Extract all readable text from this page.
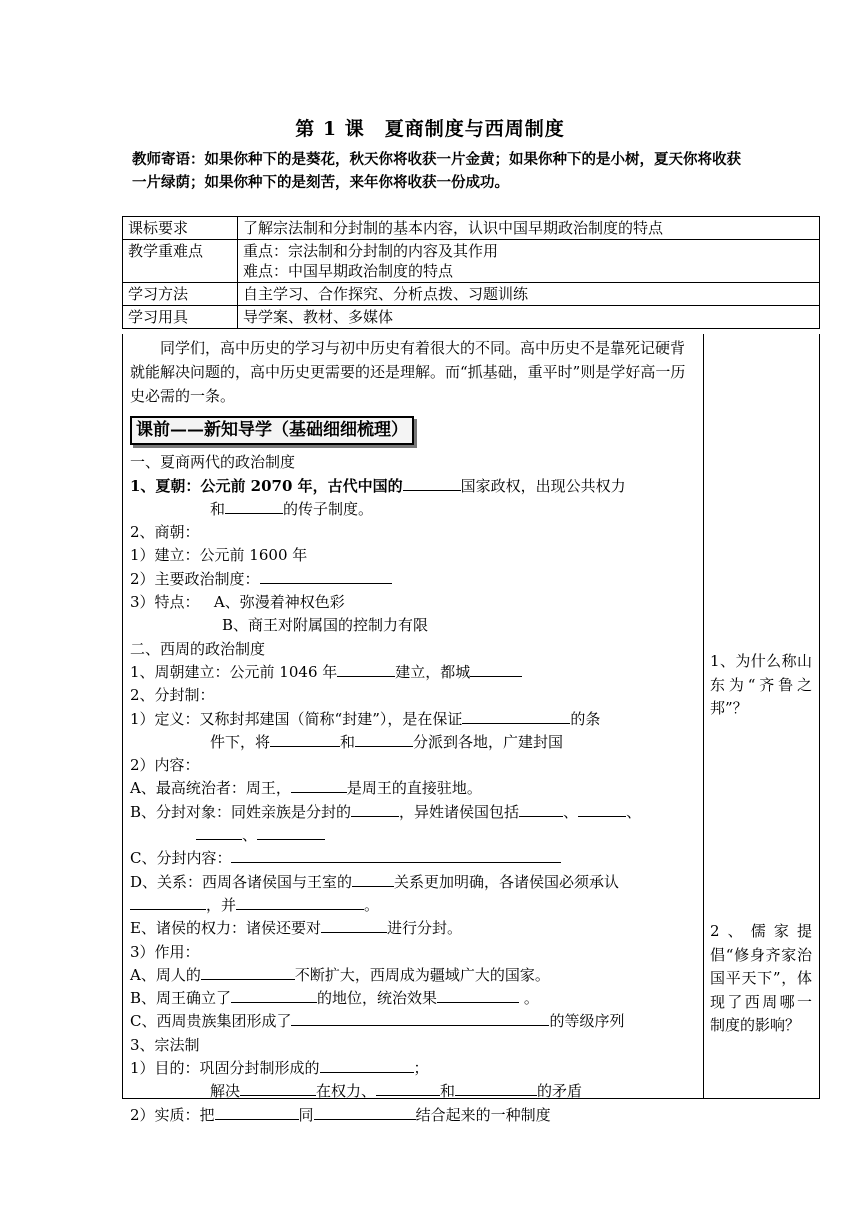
第 1 课　夏商制度与西周制度
教师寄语：如果你种下的是葵花，秋天你将收获一片金黄；如果你种下的是小树，夏天你将收获一片绿荫；如果你种下的是刻苦，来年你将收获一份成功。
课标要求	了解宗法制和分封制的基本内容，认识中国早期政治制度的特点
教学重难点	重点：宗法制和分封制的内容及其作用
难点：中国早期政治制度的特点

学习方法	自主学习、合作探究、分析点拨、习题训练
学习用具	导学案、教材、多媒体

同学们，高中历史的学习与初中历史有着很大的不同。高中历史不是靠死记硬背就能解决问题的，高中历史更需要的还是理解。而“抓基础，重平时”则是学好高一历史必需的一条。

课前——新知导学（基础细细梳理）

一、夏商两代的政治制度

1、夏朝：公元前 2070 年，古代中国的	国家政权，出现公共权力

和	的传子制度。

2、商朝：

1）建立：公元前 1600 年

2）主要政治制度：

3）特点： A、弥漫着神权色彩

B、商王对附属国的控制力有限

二、西周的政治制度

1、周朝建立：公元前 1046 年	建立，都城

2、分封制：

1）定义：又称封邦建国（简称“封建”），是在保证	的条

件下，将	和	分派到各地，广建封国

2）内容：

A、最高统治者：周王，	是周王的直接驻地。

B、分封对象：同姓亲族是分封的	，异姓诸侯国包括	、	、

、

C、分封内容：

D、关系：西周各诸侯国与王室的	关系更加明确，各诸侯国必须承认

，并	。

E、诸侯的权力：诸侯还要对	进行分封。

3）作用：

A、周人的	不断扩大，西周成为疆域广大的国家。

B、周王确立了	的地位，统治效果	。

C、西周贵族集团形成了	的等级序列

3、宗法制

1）目的：巩固分封制形成的	；

解决	在权力、	和	的矛盾

2）实质：把	同	结合起来的一种制度

1、为什么称山东为“齐鲁之邦”？
2、儒家提倡“修身齐家治国平天下”，体现了西周哪一制度的影响？
